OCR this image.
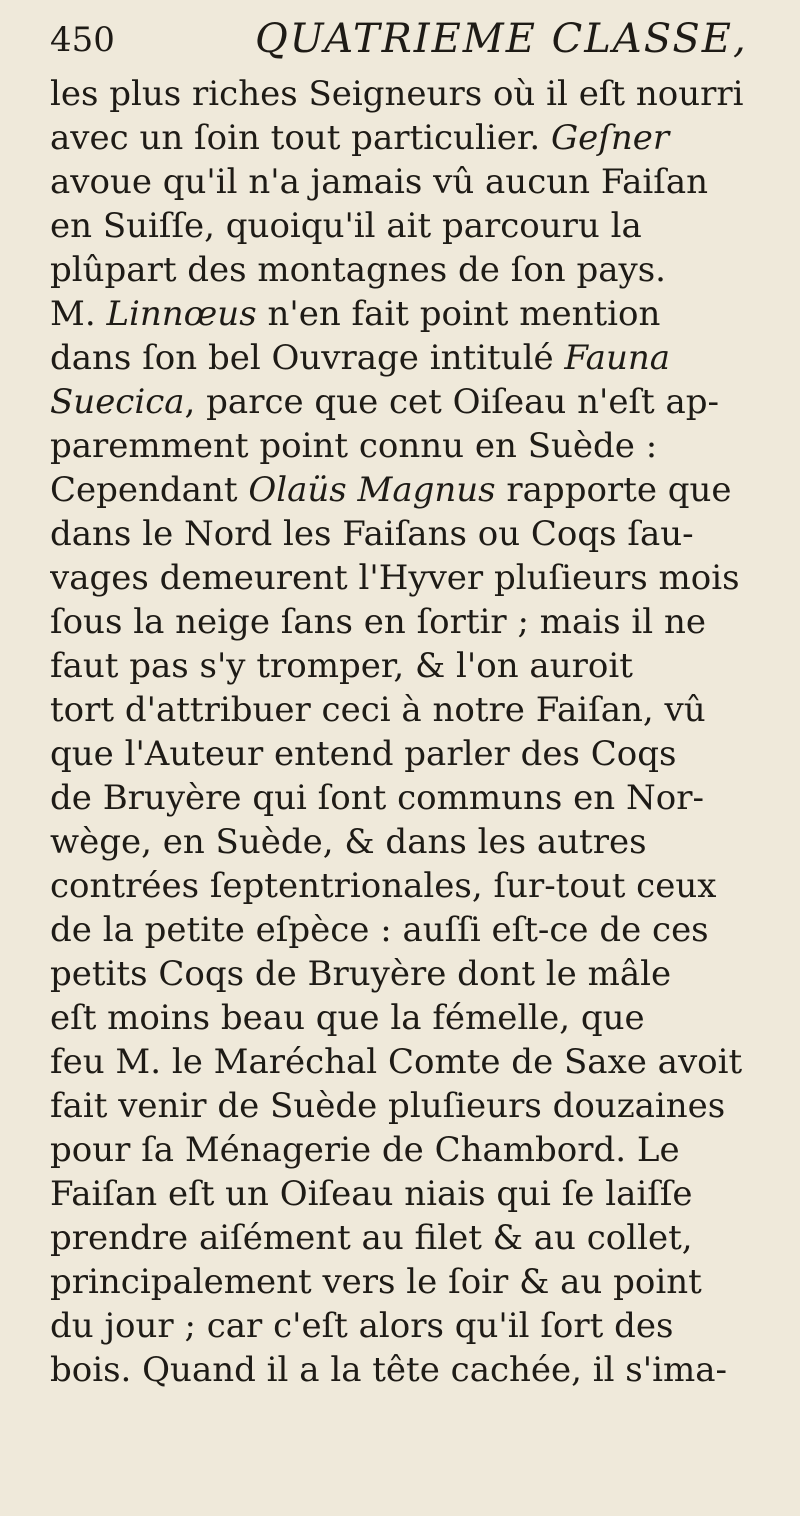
450	QUATRIEME CLASSE,

les plus riches Seigneurs où il eſt nourri
avec un ſoin tout particulier. Geſner
avoue qu'il n'a jamais vû aucun Faiſan
en Suiſſe, quoiqu'il ait parcouru la
plûpart des montagnes de ſon pays.
M. Linnœus n'en fait point mention
dans ſon bel Ouvrage intitulé Fauna
Suecica, parce que cet Oiſeau n'eſt ap-
paremment point connu en Suède :
Cependant Olaüs Magnus rapporte que
dans le Nord les Faiſans ou Coqs ſau-
vages demeurent l'Hyver pluſieurs mois
ſous la neige ſans en ſortir ; mais il ne
faut pas s'y tromper, & l'on auroit
tort d'attribuer ceci à notre Faiſan, vû
que l'Auteur entend parler des Coqs
de Bruyère qui ſont communs en Nor-
wège, en Suède, & dans les autres
contrées ſeptentrionales, ſur-tout ceux
de la petite eſpèce : auſſi eſt-ce de ces
petits Coqs de Bruyère dont le mâle
eſt moins beau que la fémelle, que
feu M. le Maréchal Comte de Saxe avoit
fait venir de Suède pluſieurs douzaines
pour ſa Ménagerie de Chambord. Le
Faiſan eſt un Oiſeau niais qui ſe laiſſe
prendre aiſément au filet & au collet,
principalement vers le ſoir & au point
du jour ; car c'eſt alors qu'il ſort des
bois. Quand il a la tête cachée, il s'ima-
